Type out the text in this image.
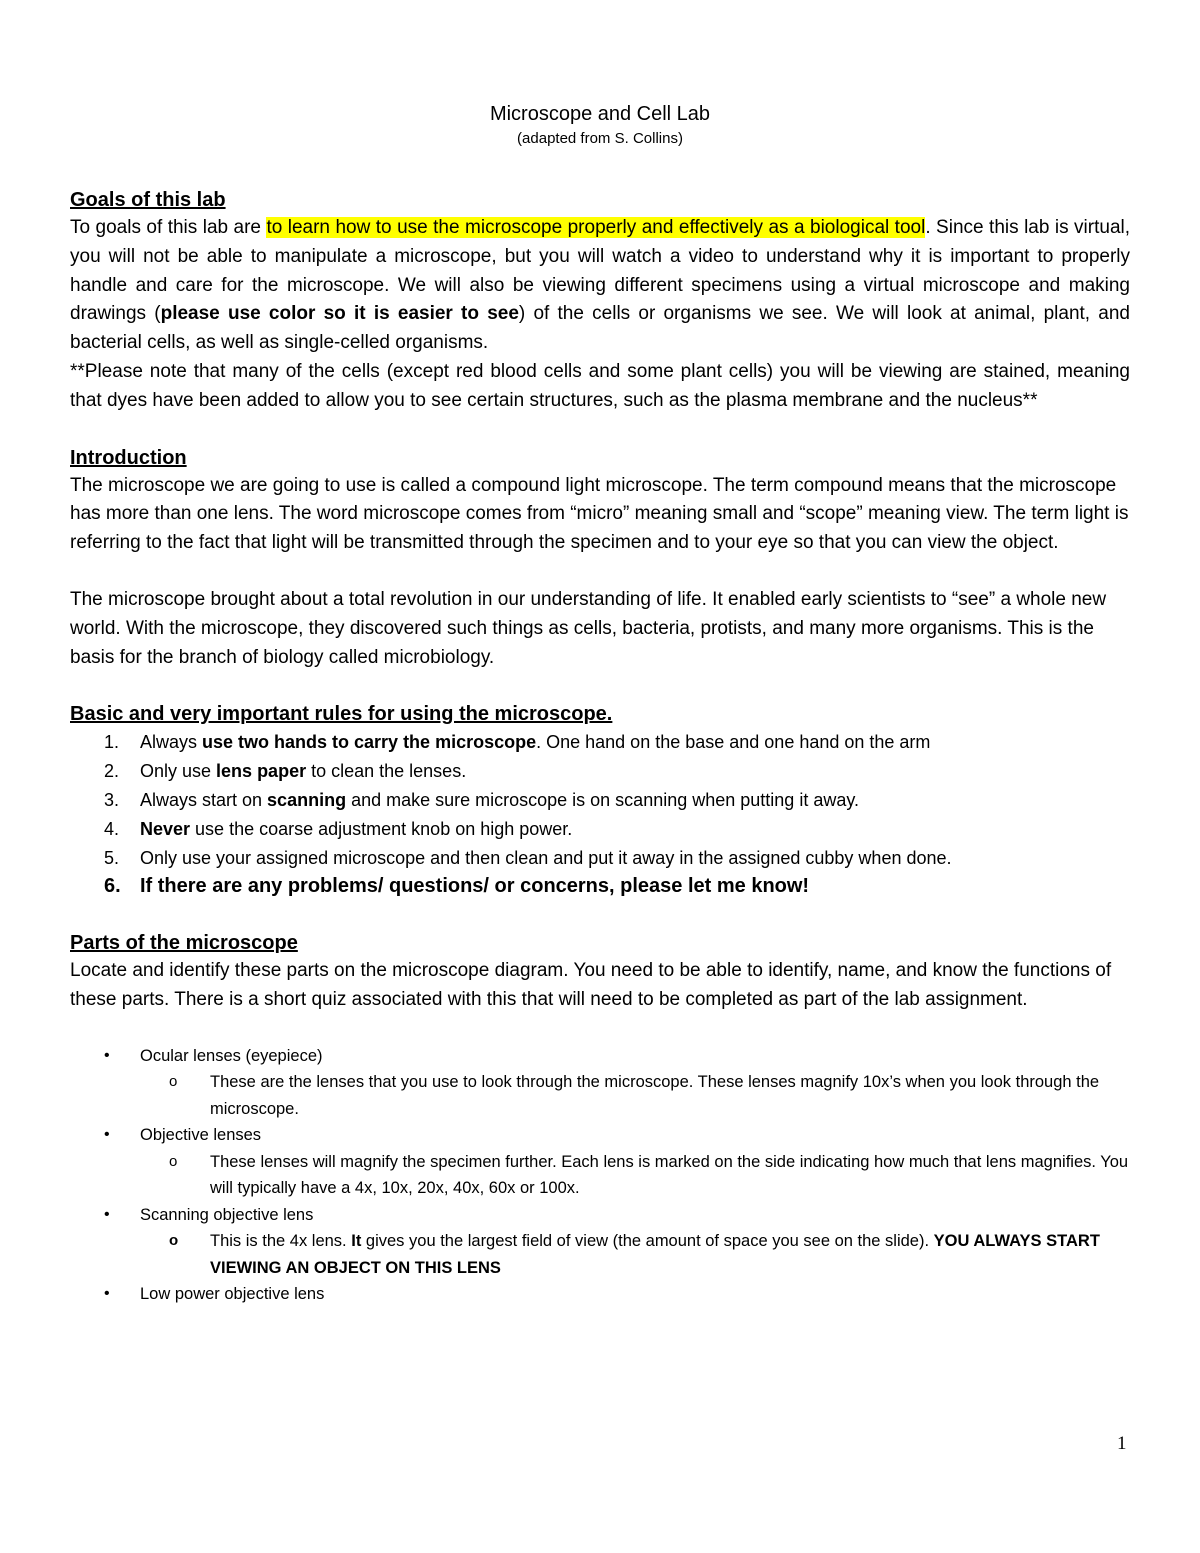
Microscope and Cell Lab

(adapted from S. Collins)

Goals of this lab

To goals of this lab are to learn how to use the microscope properly and effectively as a biological tool. Since this lab is virtual, you will not be able to manipulate a microscope, but you will watch a video to understand why it is important to properly handle and care for the microscope. We will also be viewing different specimens using a virtual microscope and making drawings (please use color so it is easier to see) of the cells or organisms we see. We will look at animal, plant, and bacterial cells, as well as single-celled organisms.

**Please note that many of the cells (except red blood cells and some plant cells) you will be viewing are stained, meaning that dyes have been added to allow you to see certain structures, such as the plasma membrane and the nucleus**

Introduction

The microscope we are going to use is called a compound light microscope. The term compound means that the microscope has more than one lens. The word microscope comes from “micro” meaning small and “scope” meaning view. The term light is referring to the fact that light will be transmitted through the specimen and to your eye so that you can view the object.

The microscope brought about a total revolution in our understanding of life. It enabled early scientists to “see” a whole new world. With the microscope, they discovered such things as cells, bacteria, protists, and many more organisms. This is the basis for the branch of biology called microbiology.

Basic and very important rules for using the microscope.

1. Always use two hands to carry the microscope. One hand on the base and one hand on the arm
2. Only use lens paper to clean the lenses.
3. Always start on scanning and make sure microscope is on scanning when putting it away.
4. Never use the coarse adjustment knob on high power.
5. Only use your assigned microscope and then clean and put it away in the assigned cubby when done.
6. If there are any problems/ questions/ or concerns, please let me know!

Parts of the microscope

Locate and identify these parts on the microscope diagram. You need to be able to identify, name, and know the functions of these parts. There is a short quiz associated with this that will need to be completed as part of the lab assignment.

• Ocular lenses (eyepiece)
o These are the lenses that you use to look through the microscope. These lenses magnify 10x’s when you look through the microscope.
• Objective lenses
o These lenses will magnify the specimen further. Each lens is marked on the side indicating how much that lens magnifies. You will typically have a 4x, 10x, 20x, 40x, 60x or 100x.
• Scanning objective lens
o This is the 4x lens. It gives you the largest field of view (the amount of space you see on the slide). YOU ALWAYS START VIEWING AN OBJECT ON THIS LENS
• Low power objective lens
1
